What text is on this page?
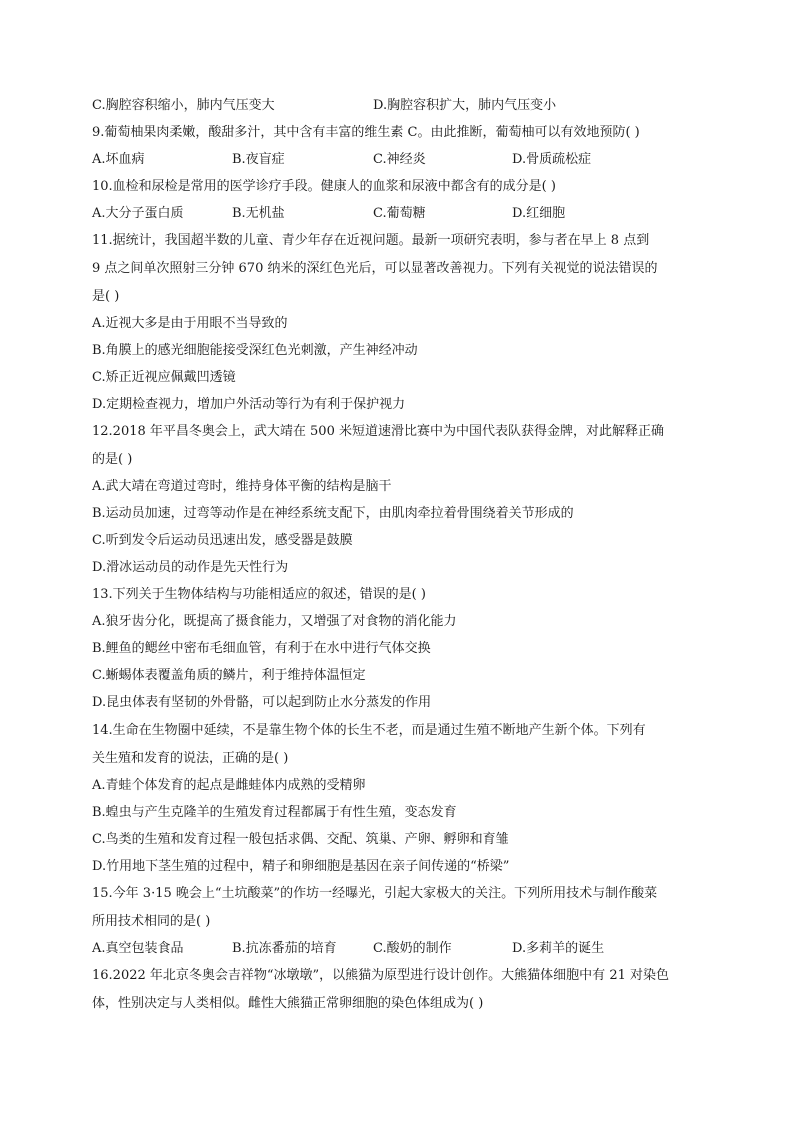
C.胸腔容积缩小，肺内气压变大	D.胸腔容积扩大，肺内气压变小
9.葡萄柚果肉柔嫩，酸甜多汁，其中含有丰富的维生素 C。由此推断，葡萄柚可以有效地预防( )
A.坏血病	B.夜盲症	C.神经炎	D.骨质疏松症
10.血检和尿检是常用的医学诊疗手段。健康人的血浆和尿液中都含有的成分是( )
A.大分子蛋白质	B.无机盐	C.葡萄糖	D.红细胞
11.据统计，我国超半数的儿童、青少年存在近视问题。最新一项研究表明，参与者在早上 8 点到
9 点之间单次照射三分钟 670 纳米的深红色光后，可以显著改善视力。下列有关视觉的说法错误的
是( )
A.近视大多是由于用眼不当导致的
B.角膜上的感光细胞能接受深红色光刺激，产生神经冲动
C.矫正近视应佩戴凹透镜
D.定期检查视力，增加户外活动等行为有利于保护视力
12.2018 年平昌冬奥会上，武大靖在 500 米短道速滑比赛中为中国代表队获得金牌，对此解释正确
的是( )
A.武大靖在弯道过弯时，维持身体平衡的结构是脑干
B.运动员加速，过弯等动作是在神经系统支配下，由肌肉牵拉着骨围绕着关节形成的
C.听到发令后运动员迅速出发，感受器是鼓膜
D.滑冰运动员的动作是先天性行为
13.下列关于生物体结构与功能相适应的叙述，错误的是( )
A.狼牙齿分化，既提高了摄食能力，又增强了对食物的消化能力
B.鲤鱼的鳃丝中密布毛细血管，有利于在水中进行气体交换
C.蜥蜴体表覆盖角质的鳞片，利于维持体温恒定
D.昆虫体表有坚韧的外骨骼，可以起到防止水分蒸发的作用
14.生命在生物圈中延续，不是靠生物个体的长生不老，而是通过生殖不断地产生新个体。下列有
关生殖和发育的说法，正确的是( )
A.青蛙个体发育的起点是雌蛙体内成熟的受精卵
B.蝗虫与产生克隆羊的生殖发育过程都属于有性生殖，变态发育
C.鸟类的生殖和发育过程一般包括求偶、交配、筑巢、产卵、孵卵和育雏
D.竹用地下茎生殖的过程中，精子和卵细胞是基因在亲子间传递的“桥梁”
15.今年 3·15 晚会上“土坑酸菜”的作坊一经曝光，引起大家极大的关注。下列所用技术与制作酸菜
所用技术相同的是( )
A.真空包装食品	B.抗冻番茄的培育	C.酸奶的制作	D.多莉羊的诞生
16.2022 年北京冬奥会吉祥物“冰墩墩”，以熊猫为原型进行设计创作。大熊猫体细胞中有 21 对染色
体，性别决定与人类相似。雌性大熊猫正常卵细胞的染色体组成为( )
